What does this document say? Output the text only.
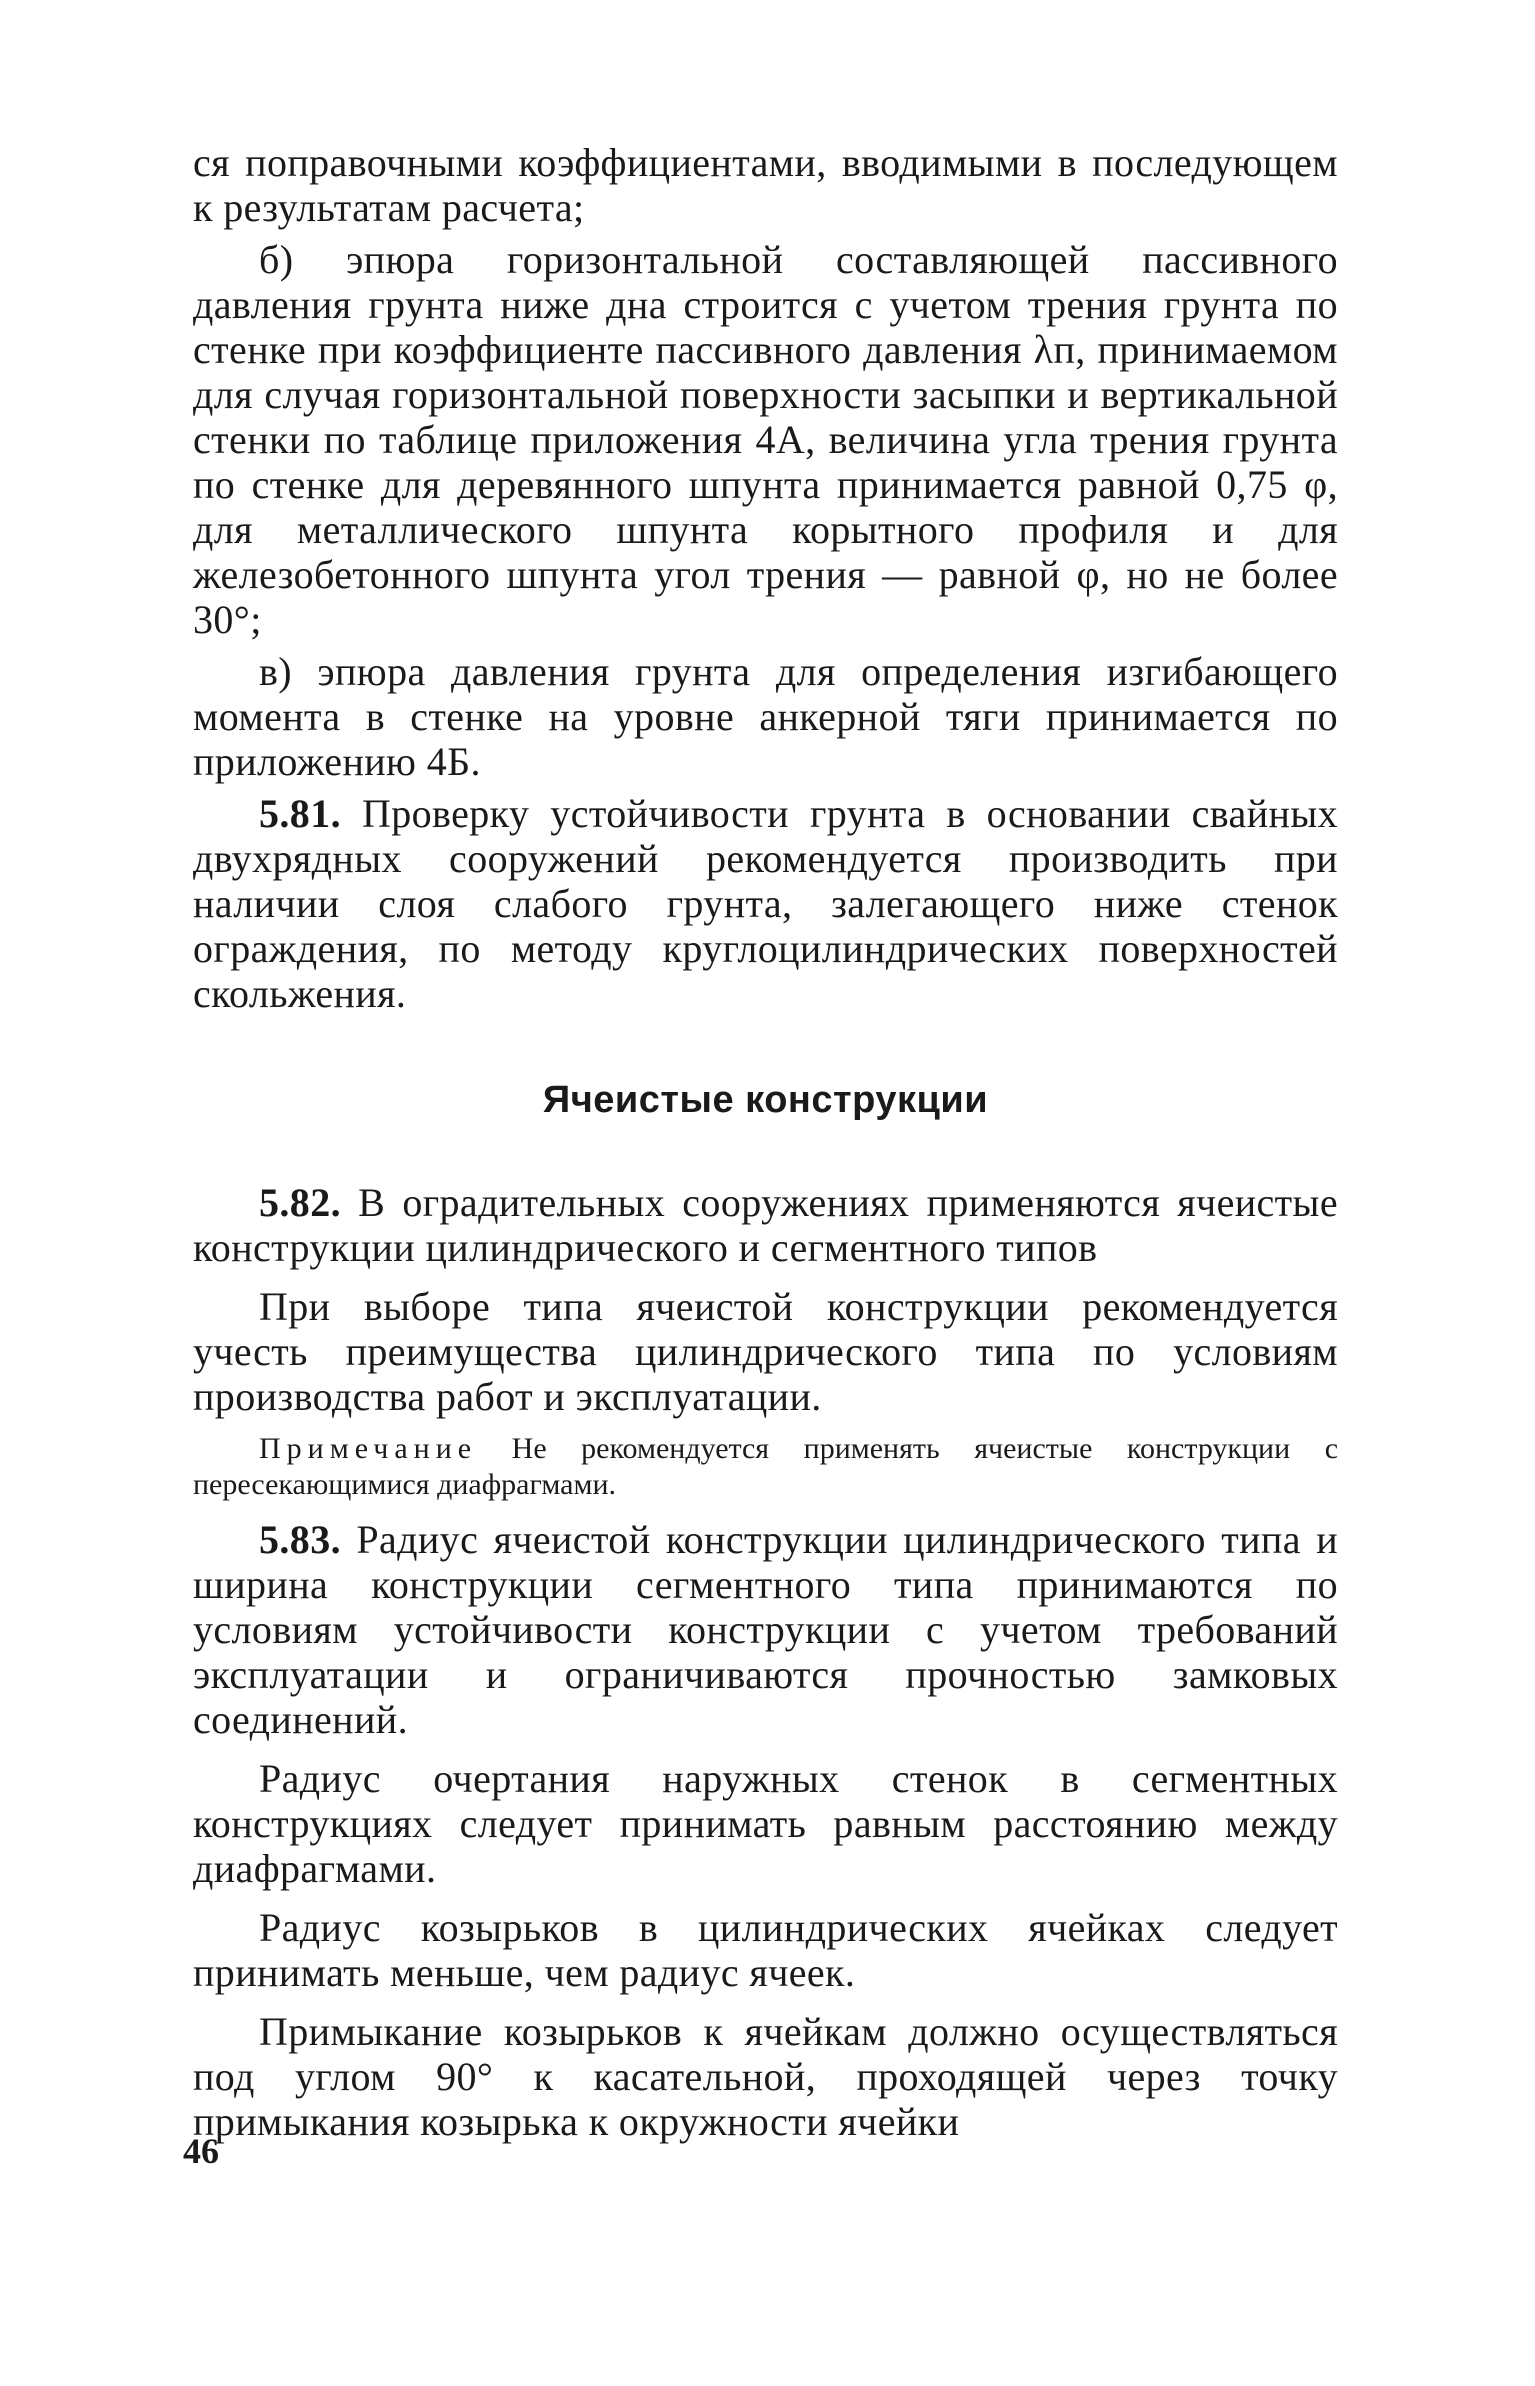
ся поправочными коэффициентами, вводимыми в последующем к результатам расчета;

б) эпюра горизонтальной составляющей пассивного давления грунта ниже дна строится с учетом трения грунта по стенке при коэффициенте пассивного давления λп, принимаемом для случая горизонтальной поверхности засыпки и вертикальной стенки по таблице приложения 4А, величина угла трения грунта по стенке для деревянного шпунта принимается равной 0,75 φ, для металлического шпунта корытного профиля и для железобетонного шпунта угол трения — равной φ, но не более 30°;

в) эпюра давления грунта для определения изгибающего момента в стенке на уровне анкерной тяги принимается по приложению 4Б.

5.81. Проверку устойчивости грунта в основании свайных двухрядных сооружений рекомендуется производить при наличии слоя слабого грунта, залегающего ниже стенок ограждения, по методу круглоцилиндрических поверхностей скольжения.

Ячеистые конструкции

5.82. В оградительных сооружениях применяются ячеистые конструкции цилиндрического и сегментного типов

При выборе типа ячеистой конструкции рекомендуется учесть преимущества цилиндрического типа по условиям производства работ и эксплуатации.

Примечание Не рекомендуется применять ячеистые конструкции с пересекающимися диафрагмами.

5.83. Радиус ячеистой конструкции цилиндрического типа и ширина конструкции сегментного типа принимаются по условиям устойчивости конструкции с учетом требований эксплуатации и ограничиваются прочностью замковых соединений.

Радиус очертания наружных стенок в сегментных конструкциях следует принимать равным расстоянию между диафрагмами.

Радиус козырьков в цилиндрических ячейках следует принимать меньше, чем радиус ячеек.

Примыкание козырьков к ячейкам должно осуществляться под углом 90° к касательной, проходящей через точку примыкания козырька к окружности ячейки

46
